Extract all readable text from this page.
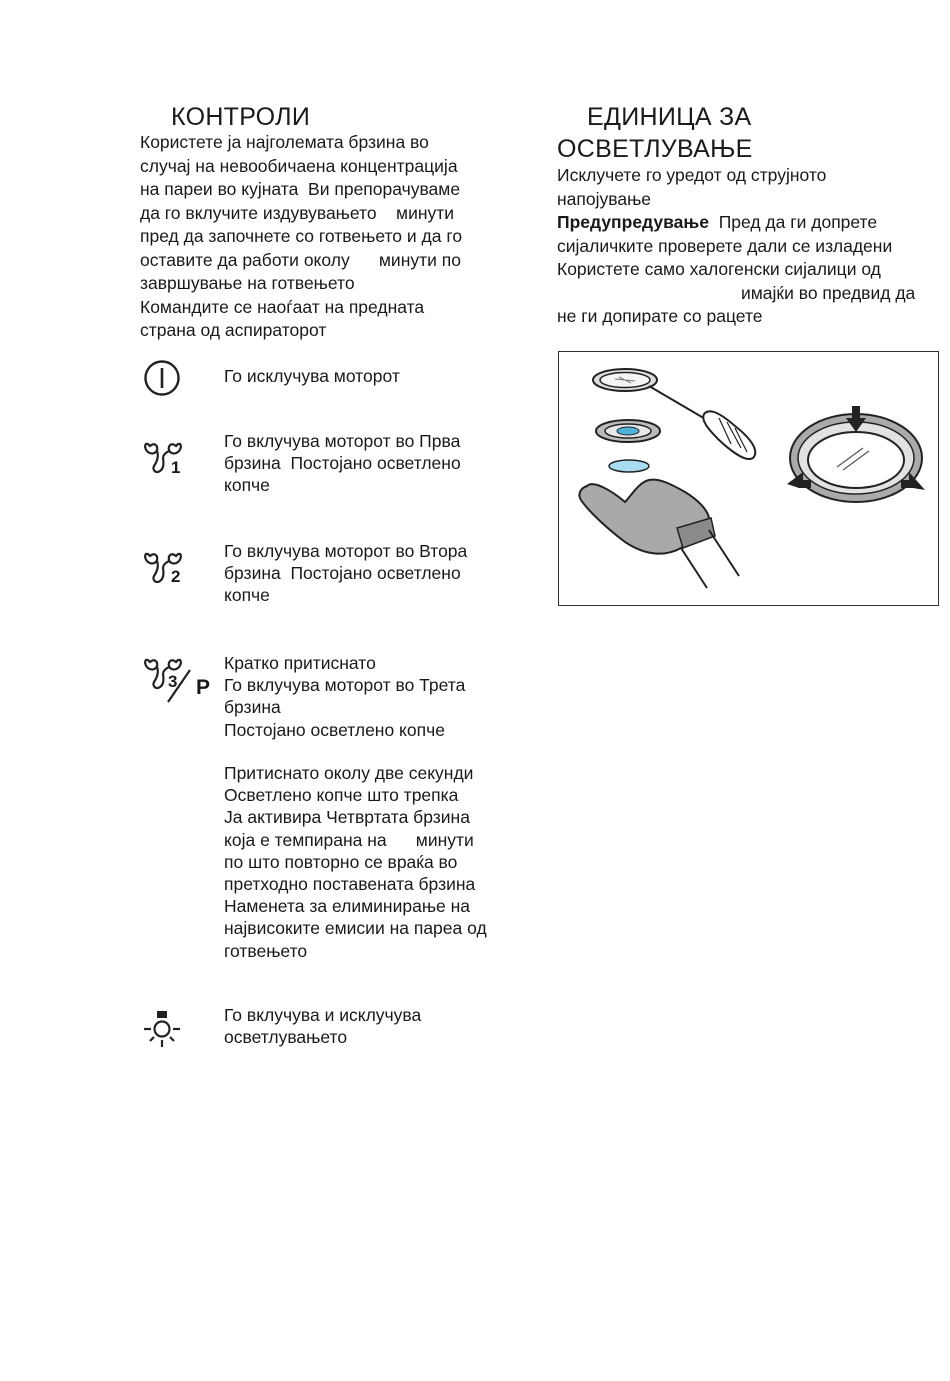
КОНТРОЛИ
Користете ја најголемата брзина во
случај на невообичаена концентрација
на пареи во кујната  Ви препорачуваме
да го вклучите издувувањето    минути
пред да започнете со готвењето и да го
оставите да работи околу      минути по
завршување на готвењето
Командите се наоѓаат на предната
страна од аспираторот
Го исклучува моторот
1
Го вклучува моторот во Прва
брзина  Постојано осветлено
копче
2
Го вклучува моторот во Втора
брзина  Постојано осветлено
копче
3 P
Кратко притиснато
Го вклучува моторот во Трета
брзина
Постојано осветлено копче
Притиснато околу две секунди
Осветлено копче што трепка
Ја активира Четвртата брзина
која е темпирана на      минути
по што повторно се враќа во
претходно поставената брзина
Наменета за елиминирање на
највисоките емисии на пареа од
готвењето
Го вклучува и исклучува
осветлувањето
ЕДИНИЦА ЗА
ОСВЕТЛУВАЊЕ
Исклучете го уредот од струјното
напојување
Предупредување  Пред да ги допрете
сијаличките проверете дали се изладени
Користете само халогенски сијалици од
имајќи во предвид да
не ги допирате со рацете
